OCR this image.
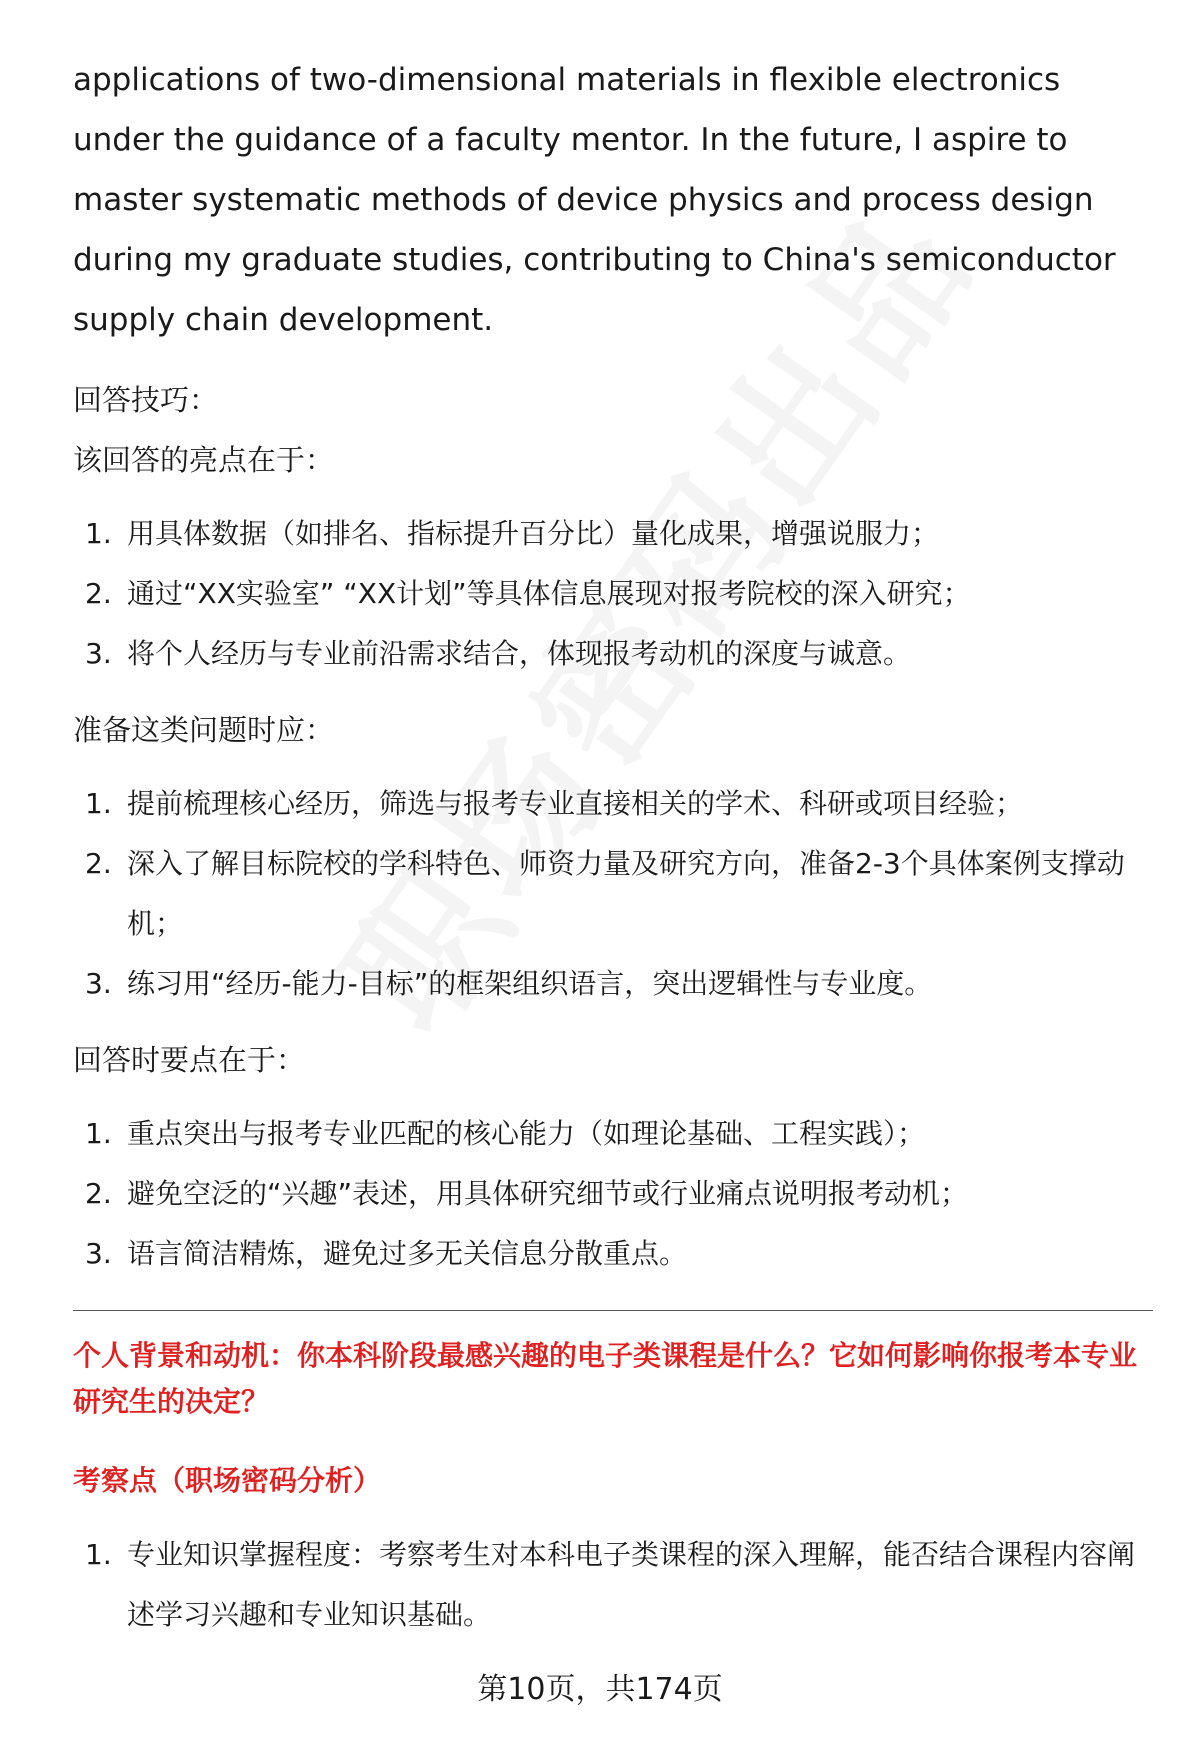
applications of two-dimensional materials in flexible electronics under the guidance of a faculty mentor. In the future, I aspire to master systematic methods of device physics and process design during my graduate studies, contributing to China's semiconductor supply chain development.

回答技巧：

该回答的亮点在于：

1. 用具体数据（如排名、指标提升百分比）量化成果，增强说服力；
2. 通过“XX实验室” “XX计划”等具体信息展现对报考院校的深入研究；
3. 将个人经历与专业前沿需求结合，体现报考动机的深度与诚意。

准备这类问题时应：

1. 提前梳理核心经历，筛选与报考专业直接相关的学术、科研或项目经验；
2. 深入了解目标院校的学科特色、师资力量及研究方向，准备2-3个具体案例支撑动机；
3. 练习用“经历-能力-目标”的框架组织语言，突出逻辑性与专业度。

回答时要点在于：

1. 重点突出与报考专业匹配的核心能力（如理论基础、工程实践）；
2. 避免空泛的“兴趣”表述，用具体研究细节或行业痛点说明报考动机；
3. 语言简洁精炼，避免过多无关信息分散重点。

个人背景和动机：你本科阶段最感兴趣的电子类课程是什么？它如何影响你报考本专业研究生的决定？

考察点（职场密码分析）

1. 专业知识掌握程度：考察考生对本科电子类课程的深入理解，能否结合课程内容阐述学习兴趣和专业知识基础。
第10页，共174页
